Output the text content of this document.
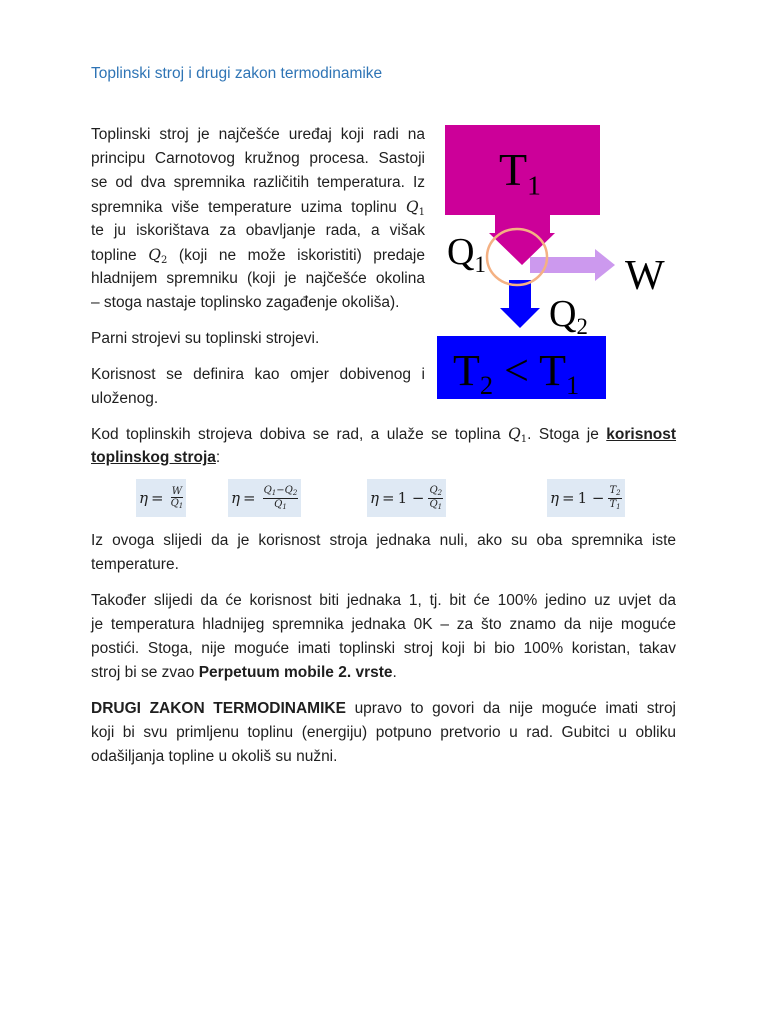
Toplinski stroj i drugi zakon termodinamike
Toplinski stroj je najčešće uređaj koji radi na
principu Carnotovog kružnog procesa. Sastoji
se od dva spremnika različitih temperatura. Iz
spremnika više temperature uzima toplinu $Q_1$
te ju iskorištava za obavljanje rada, a višak
topline $Q_2$ (koji ne može iskoristiti) predaje
hladnijem spremniku (koji je najčešće okolina
– stoga nastaje toplinsko zagađenje okoliša).
Parni strojevi su toplinski strojevi.
Korisnost se definira kao omjer dobivenog i
uloženog.
$T_1$
$Q_1$	W
$Q_2$
$T_2 < T_1$
Kod toplinskih strojeva dobiva se rad, a ulaže se toplina $Q_1$. Stoga je korisnost
toplinskog stroja:
$\eta = \frac{W}{Q_1}$	$\eta = \frac{Q_1-Q_2}{Q_1}$	$\eta = 1 - \frac{Q_2}{Q_1}$	$\eta = 1 - \frac{T_2}{T_1}$
Iz ovoga slijedi da je korisnost stroja jednaka nuli, ako su oba spremnika iste
temperature.
Također slijedi da će korisnost biti jednaka 1, tj. bit će 100% jedino uz uvjet da
je temperatura hladnijeg spremnika jednaka 0K – za što znamo da nije moguće
postići. Stoga, nije moguće imati toplinski stroj koji bi bio 100% koristan, takav
stroj bi se zvao Perpetuum mobile 2. vrste.
DRUGI ZAKON TERMODINAMIKE upravo to govori da nije moguće imati stroj
koji bi svu primljenu toplinu (energiju) potpuno pretvorio u rad. Gubitci u obliku
odašiljanja topline u okoliš su nužni.
